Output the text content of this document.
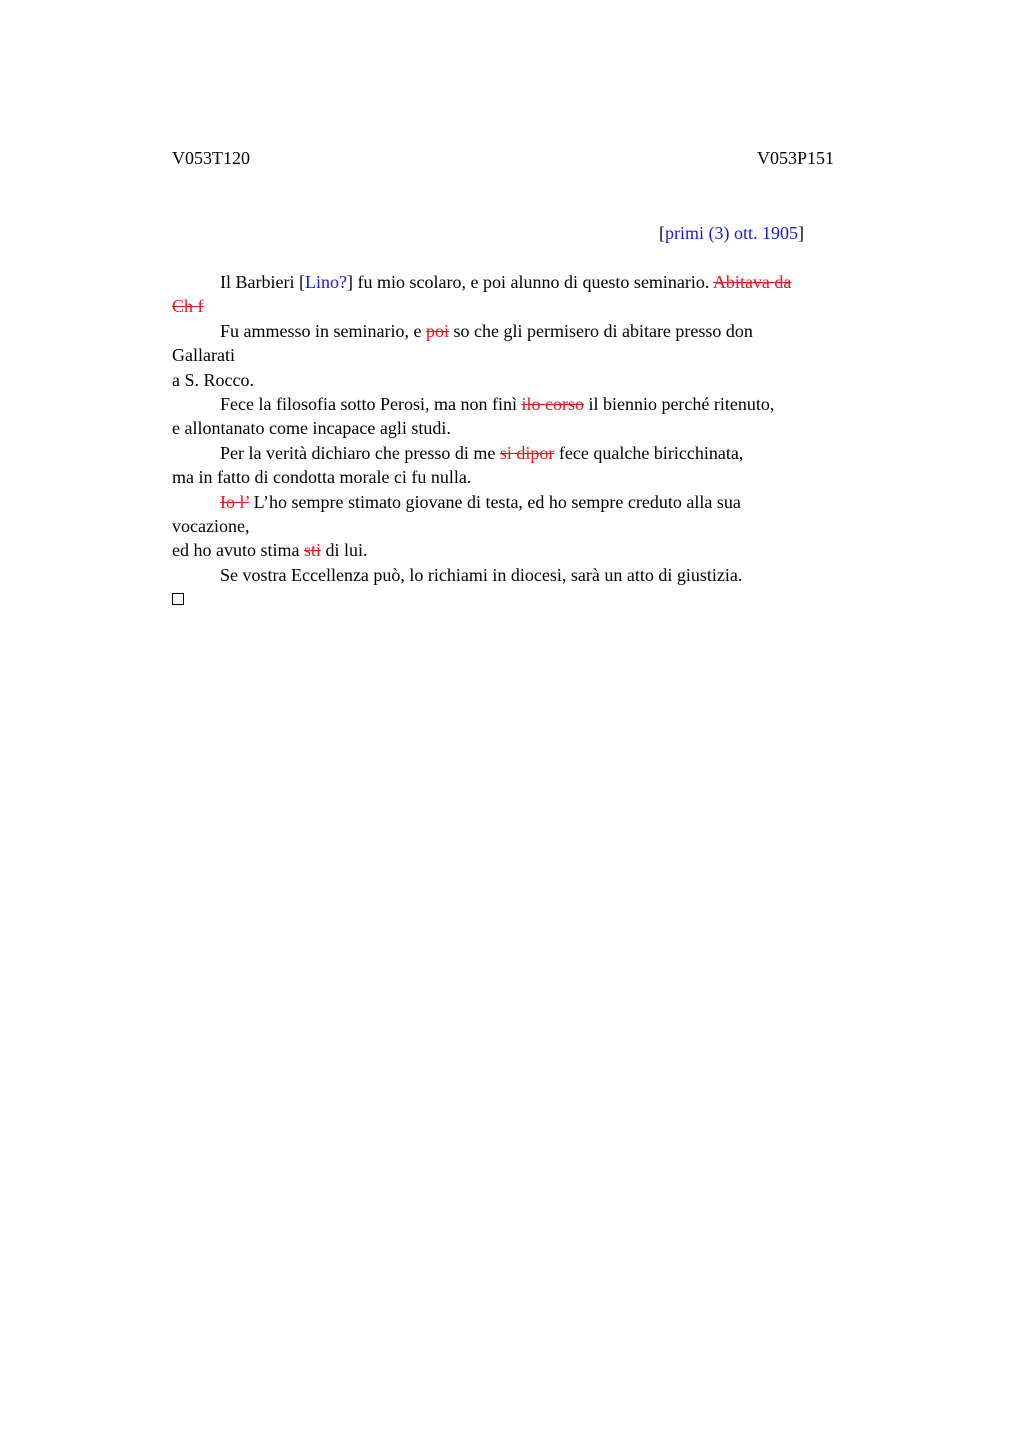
V053T120	V053P151
[primi (3) ott. 1905]
Il Barbieri [Lino?] fu mio scolaro, e poi alunno di questo seminario. Abitava da
Ch f
Fu ammesso in seminario, e poi so che gli permisero di abitare presso don
Gallarati
a S. Rocco.
Fece la filosofia sotto Perosi, ma non finì ilo corso il biennio perché ritenuto,
e allontanato come incapace agli studi.
Per la verità dichiaro che presso di me si dipor fece qualche biricchinata,
ma in fatto di condotta morale ci fu nulla.
Io l’ L’ho sempre stimato giovane di testa, ed ho sempre creduto alla sua
vocazione,
ed ho avuto stima sti di lui.
Se vostra Eccellenza può, lo richiami in diocesi, sarà un atto di giustizia.
